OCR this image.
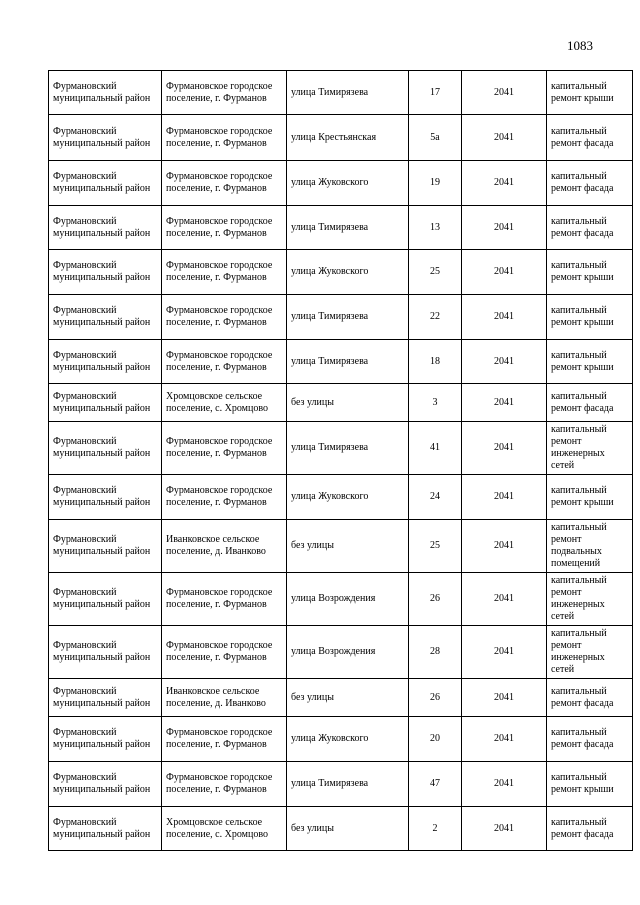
1083
Фурмановский муниципальный район	Фурмановское городское поселение, г. Фурманов	улица Тимирязева	17	2041	капитальный ремонт крыши
Фурмановский муниципальный район	Фурмановское городское поселение, г. Фурманов	улица Крестьянская	5а	2041	капитальный ремонт фасада
Фурмановский муниципальный район	Фурмановское городское поселение, г. Фурманов	улица Жуковского	19	2041	капитальный ремонт фасада
Фурмановский муниципальный район	Фурмановское городское поселение, г. Фурманов	улица Тимирязева	13	2041	капитальный ремонт фасада
Фурмановский муниципальный район	Фурмановское городское поселение, г. Фурманов	улица Жуковского	25	2041	капитальный ремонт крыши
Фурмановский муниципальный район	Фурмановское городское поселение, г. Фурманов	улица Тимирязева	22	2041	капитальный ремонт крыши
Фурмановский муниципальный район	Фурмановское городское поселение, г. Фурманов	улица Тимирязева	18	2041	капитальный ремонт крыши
Фурмановский муниципальный район	Хромцовское сельское поселение, с. Хромцово	без улицы	3	2041	капитальный ремонт фасада
Фурмановский муниципальный район	Фурмановское городское поселение, г. Фурманов	улица Тимирязева	41	2041	капитальный ремонт инженерных сетей
Фурмановский муниципальный район	Фурмановское городское поселение, г. Фурманов	улица Жуковского	24	2041	капитальный ремонт крыши
Фурмановский муниципальный район	Иванковское сельское поселение, д. Иванково	без улицы	25	2041	капитальный ремонт подвальных помещений
Фурмановский муниципальный район	Фурмановское городское поселение, г. Фурманов	улица Возрождения	26	2041	капитальный ремонт инженерных сетей
Фурмановский муниципальный район	Фурмановское городское поселение, г. Фурманов	улица Возрождения	28	2041	капитальный ремонт инженерных сетей
Фурмановский муниципальный район	Иванковское сельское поселение, д. Иванково	без улицы	26	2041	капитальный ремонт фасада
Фурмановский муниципальный район	Фурмановское городское поселение, г. Фурманов	улица Жуковского	20	2041	капитальный ремонт фасада
Фурмановский муниципальный район	Фурмановское городское поселение, г. Фурманов	улица Тимирязева	47	2041	капитальный ремонт крыши
Фурмановский муниципальный район	Хромцовское сельское поселение, с. Хромцово	без улицы	2	2041	капитальный ремонт фасада
